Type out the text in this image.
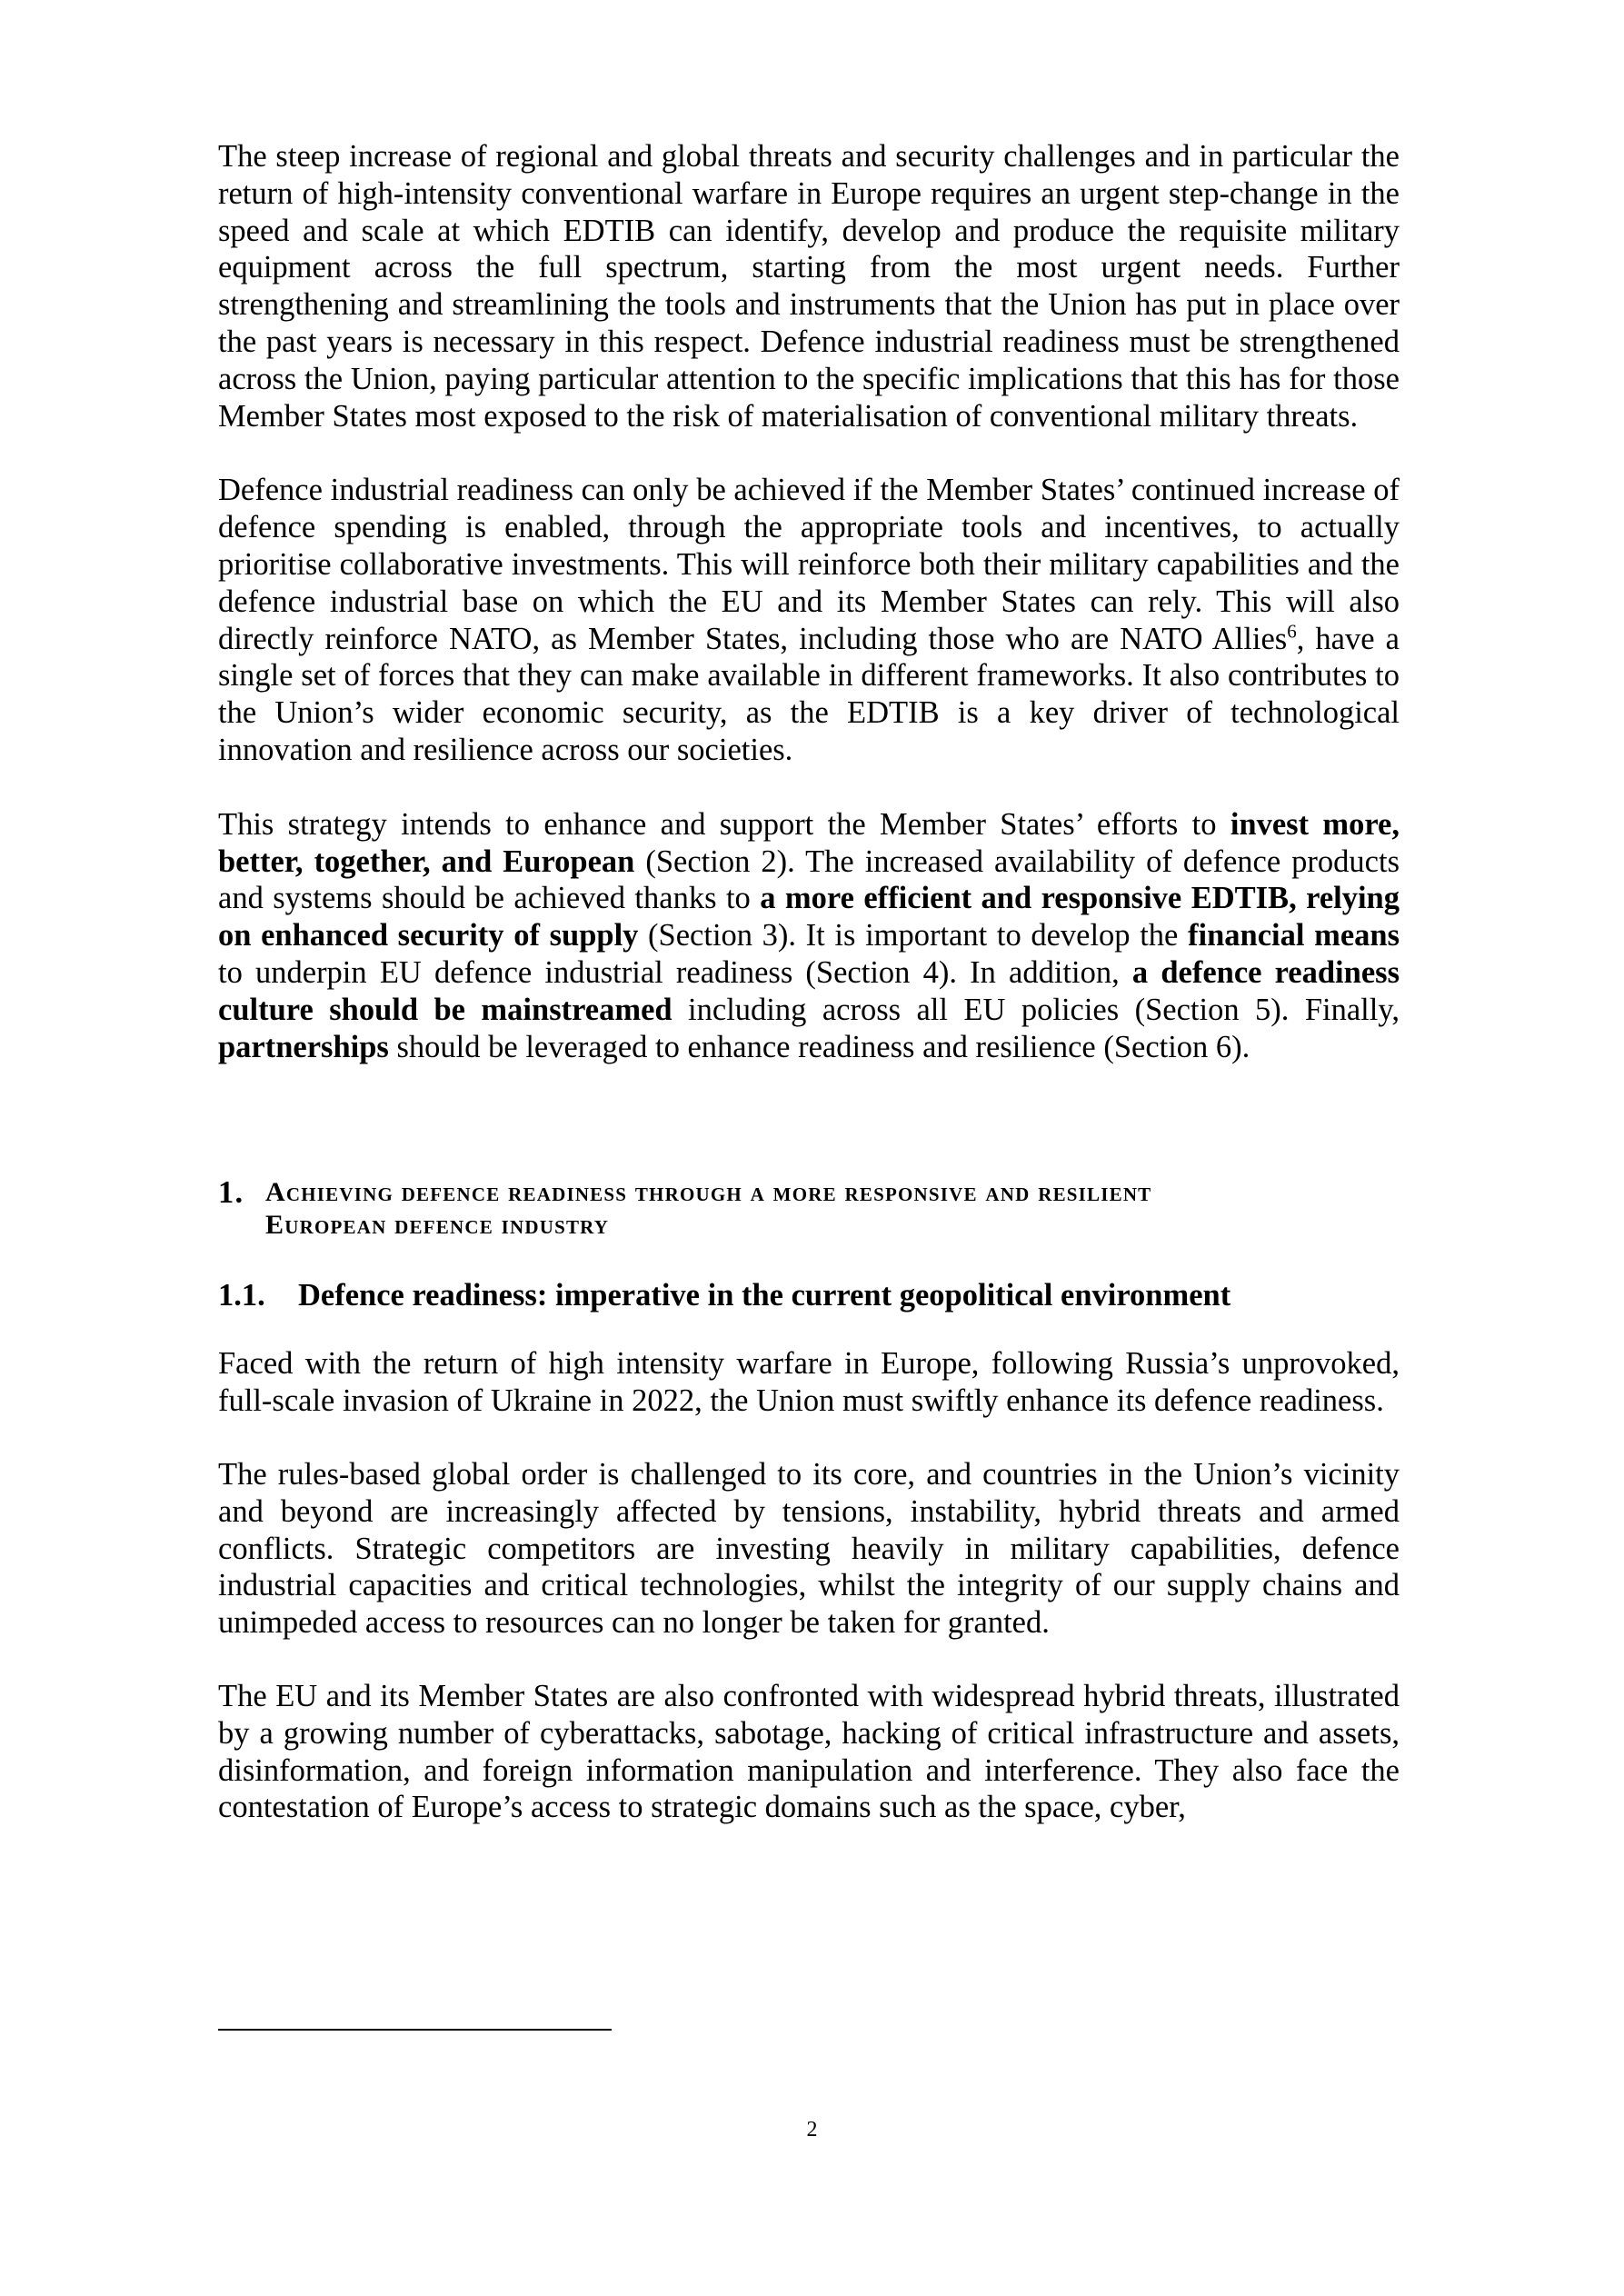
The steep increase of regional and global threats and security challenges and in particular the return of high-intensity conventional warfare in Europe requires an urgent step-change in the speed and scale at which EDTIB can identify, develop and produce the requisite military equipment across the full spectrum, starting from the most urgent needs. Further strengthening and streamlining the tools and instruments that the Union has put in place over the past years is necessary in this respect. Defence industrial readiness must be strengthened across the Union, paying particular attention to the specific implications that this has for those Member States most exposed to the risk of materialisation of conventional military threats.

Defence industrial readiness can only be achieved if the Member States’ continued increase of defence spending is enabled, through the appropriate tools and incentives, to actually prioritise collaborative investments. This will reinforce both their military capabilities and the defence industrial base on which the EU and its Member States can rely. This will also directly reinforce NATO, as Member States, including those who are NATO Allies$^6$, have a single set of forces that they can make available in different frameworks. It also contributes to the Union’s wider economic security, as the EDTIB is a key driver of technological innovation and resilience across our societies.

This strategy intends to enhance and support the Member States’ efforts to invest more, better, together, and European (Section 2). The increased availability of defence products and systems should be achieved thanks to a more efficient and responsive EDTIB, relying on enhanced security of supply (Section 3). It is important to develop the financial means to underpin EU defence industrial readiness (Section 4). In addition, a defence readiness culture should be mainstreamed including across all EU policies (Section 5). Finally, partnerships should be leveraged to enhance readiness and resilience (Section 6).

1. achieving defence readiness through a more responsive and resilient
European defence industry
1.1. Defence readiness: imperative in the current geopolitical environment

Faced with the return of high intensity warfare in Europe, following Russia’s unprovoked, full-scale invasion of Ukraine in 2022, the Union must swiftly enhance its defence readiness.

The rules-based global order is challenged to its core, and countries in the Union’s vicinity and beyond are increasingly affected by tensions, instability, hybrid threats and armed conflicts. Strategic competitors are investing heavily in military capabilities, defence industrial capacities and critical technologies, whilst the integrity of our supply chains and unimpeded access to resources can no longer be taken for granted.

The EU and its Member States are also confronted with widespread hybrid threats, illustrated by a growing number of cyberattacks, sabotage, hacking of critical infrastructure and assets, disinformation, and foreign information manipulation and interference. They also face the contestation of Europe’s access to strategic domains such as the space, cyber,

2
